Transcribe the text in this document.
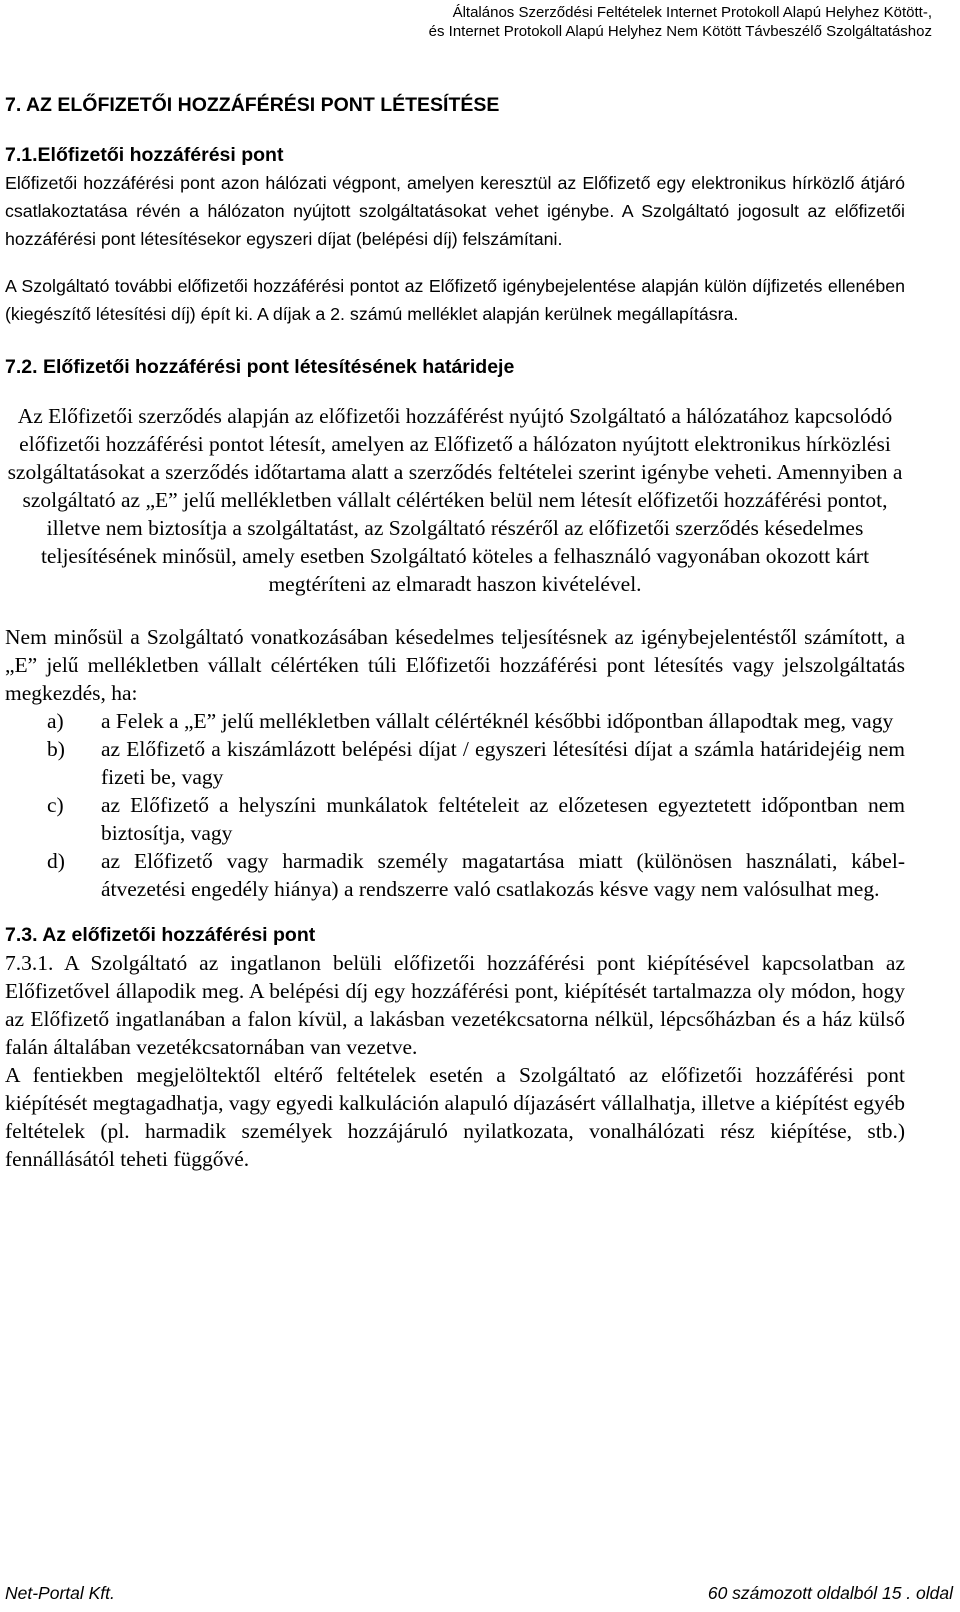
Általános Szerződési Feltételek Internet Protokoll Alapú Helyhez Kötött-,
és Internet Protokoll Alapú Helyhez Nem Kötött Távbeszélő Szolgáltatáshoz
7. AZ ELŐFIZETŐI HOZZÁFÉRÉSI PONT LÉTESÍTÉSE
7.1.Előfizetői hozzáférési pont

Előfizetői hozzáférési pont azon hálózati végpont, amelyen keresztül az Előfizető egy elektronikus hírközlő átjáró csatlakoztatása révén a hálózaton nyújtott szolgáltatásokat vehet igénybe. A Szolgáltató jogosult az előfizetői hozzáférési pont létesítésekor egyszeri díjat (belépési díj) felszámítani.

A Szolgáltató további előfizetői hozzáférési pontot az Előfizető igénybejelentése alapján külön díjfizetés ellenében (kiegészítő létesítési díj) épít ki. A díjak a 2. számú melléklet alapján kerülnek megállapításra.

7.2. Előfizetői hozzáférési pont létesítésének határideje

Az Előfizetői szerződés alapján az előfizetői hozzáférést nyújtó Szolgáltató a hálózatához kapcsolódó előfizetői hozzáférési pontot létesít, amelyen az Előfizető a hálózaton nyújtott elektronikus hírközlési szolgáltatásokat a szerződés időtartama alatt a szerződés feltételei szerint igénybe veheti. Amennyiben a szolgáltató az „E” jelű mellékletben vállalt célértéken belül nem létesít előfizetői hozzáférési pontot, illetve nem biztosítja a szolgáltatást, az Szolgáltató részéről az előfizetői szerződés késedelmes teljesítésének minősül, amely esetben Szolgáltató köteles a felhasználó vagyonában okozott kárt megtéríteni az elmaradt haszon kivételével.

Nem minősül a Szolgáltató vonatkozásában késedelmes teljesítésnek az igénybejelentéstől számított, a „E” jelű mellékletben vállalt célértéken túli Előfizetői hozzáférési pont létesítés vagy jelszolgáltatás megkezdés, ha:

a) a Felek a „E” jelű mellékletben vállalt célértéknél későbbi időpontban állapodtak meg, vagy
b) az Előfizető a kiszámlázott belépési díjat / egyszeri létesítési díjat a számla határidejéig nem fizeti be, vagy
c) az Előfizető a helyszíni munkálatok feltételeit az előzetesen egyeztetett időpontban nem biztosítja, vagy
d) az Előfizető vagy harmadik személy magatartása miatt (különösen használati, kábel-átvezetési engedély hiánya) a rendszerre való csatlakozás késve vagy nem valósulhat meg.
7.3. Az előfizetői hozzáférési pont

7.3.1. A Szolgáltató az ingatlanon belüli előfizetői hozzáférési pont kiépítésével kapcsolatban az Előfizetővel állapodik meg. A belépési díj egy hozzáférési pont, kiépítését tartalmazza oly módon, hogy az Előfizető ingatlanában a falon kívül, a lakásban vezetékcsatorna nélkül, lépcsőházban és a ház külső falán általában vezetékcsatornában van vezetve.

A fentiekben megjelöltektől eltérő feltételek esetén a Szolgáltató az előfizetői hozzáférési pont kiépítését megtagadhatja, vagy egyedi kalkuláción alapuló díjazásért vállalhatja, illetve a kiépítést egyéb feltételek (pl. harmadik személyek hozzájáruló nyilatkozata, vonalhálózati rész kiépítése, stb.) fennállásától teheti függővé.

Net-Portal Kft.	60 számozott oldalból 15 . oldal
